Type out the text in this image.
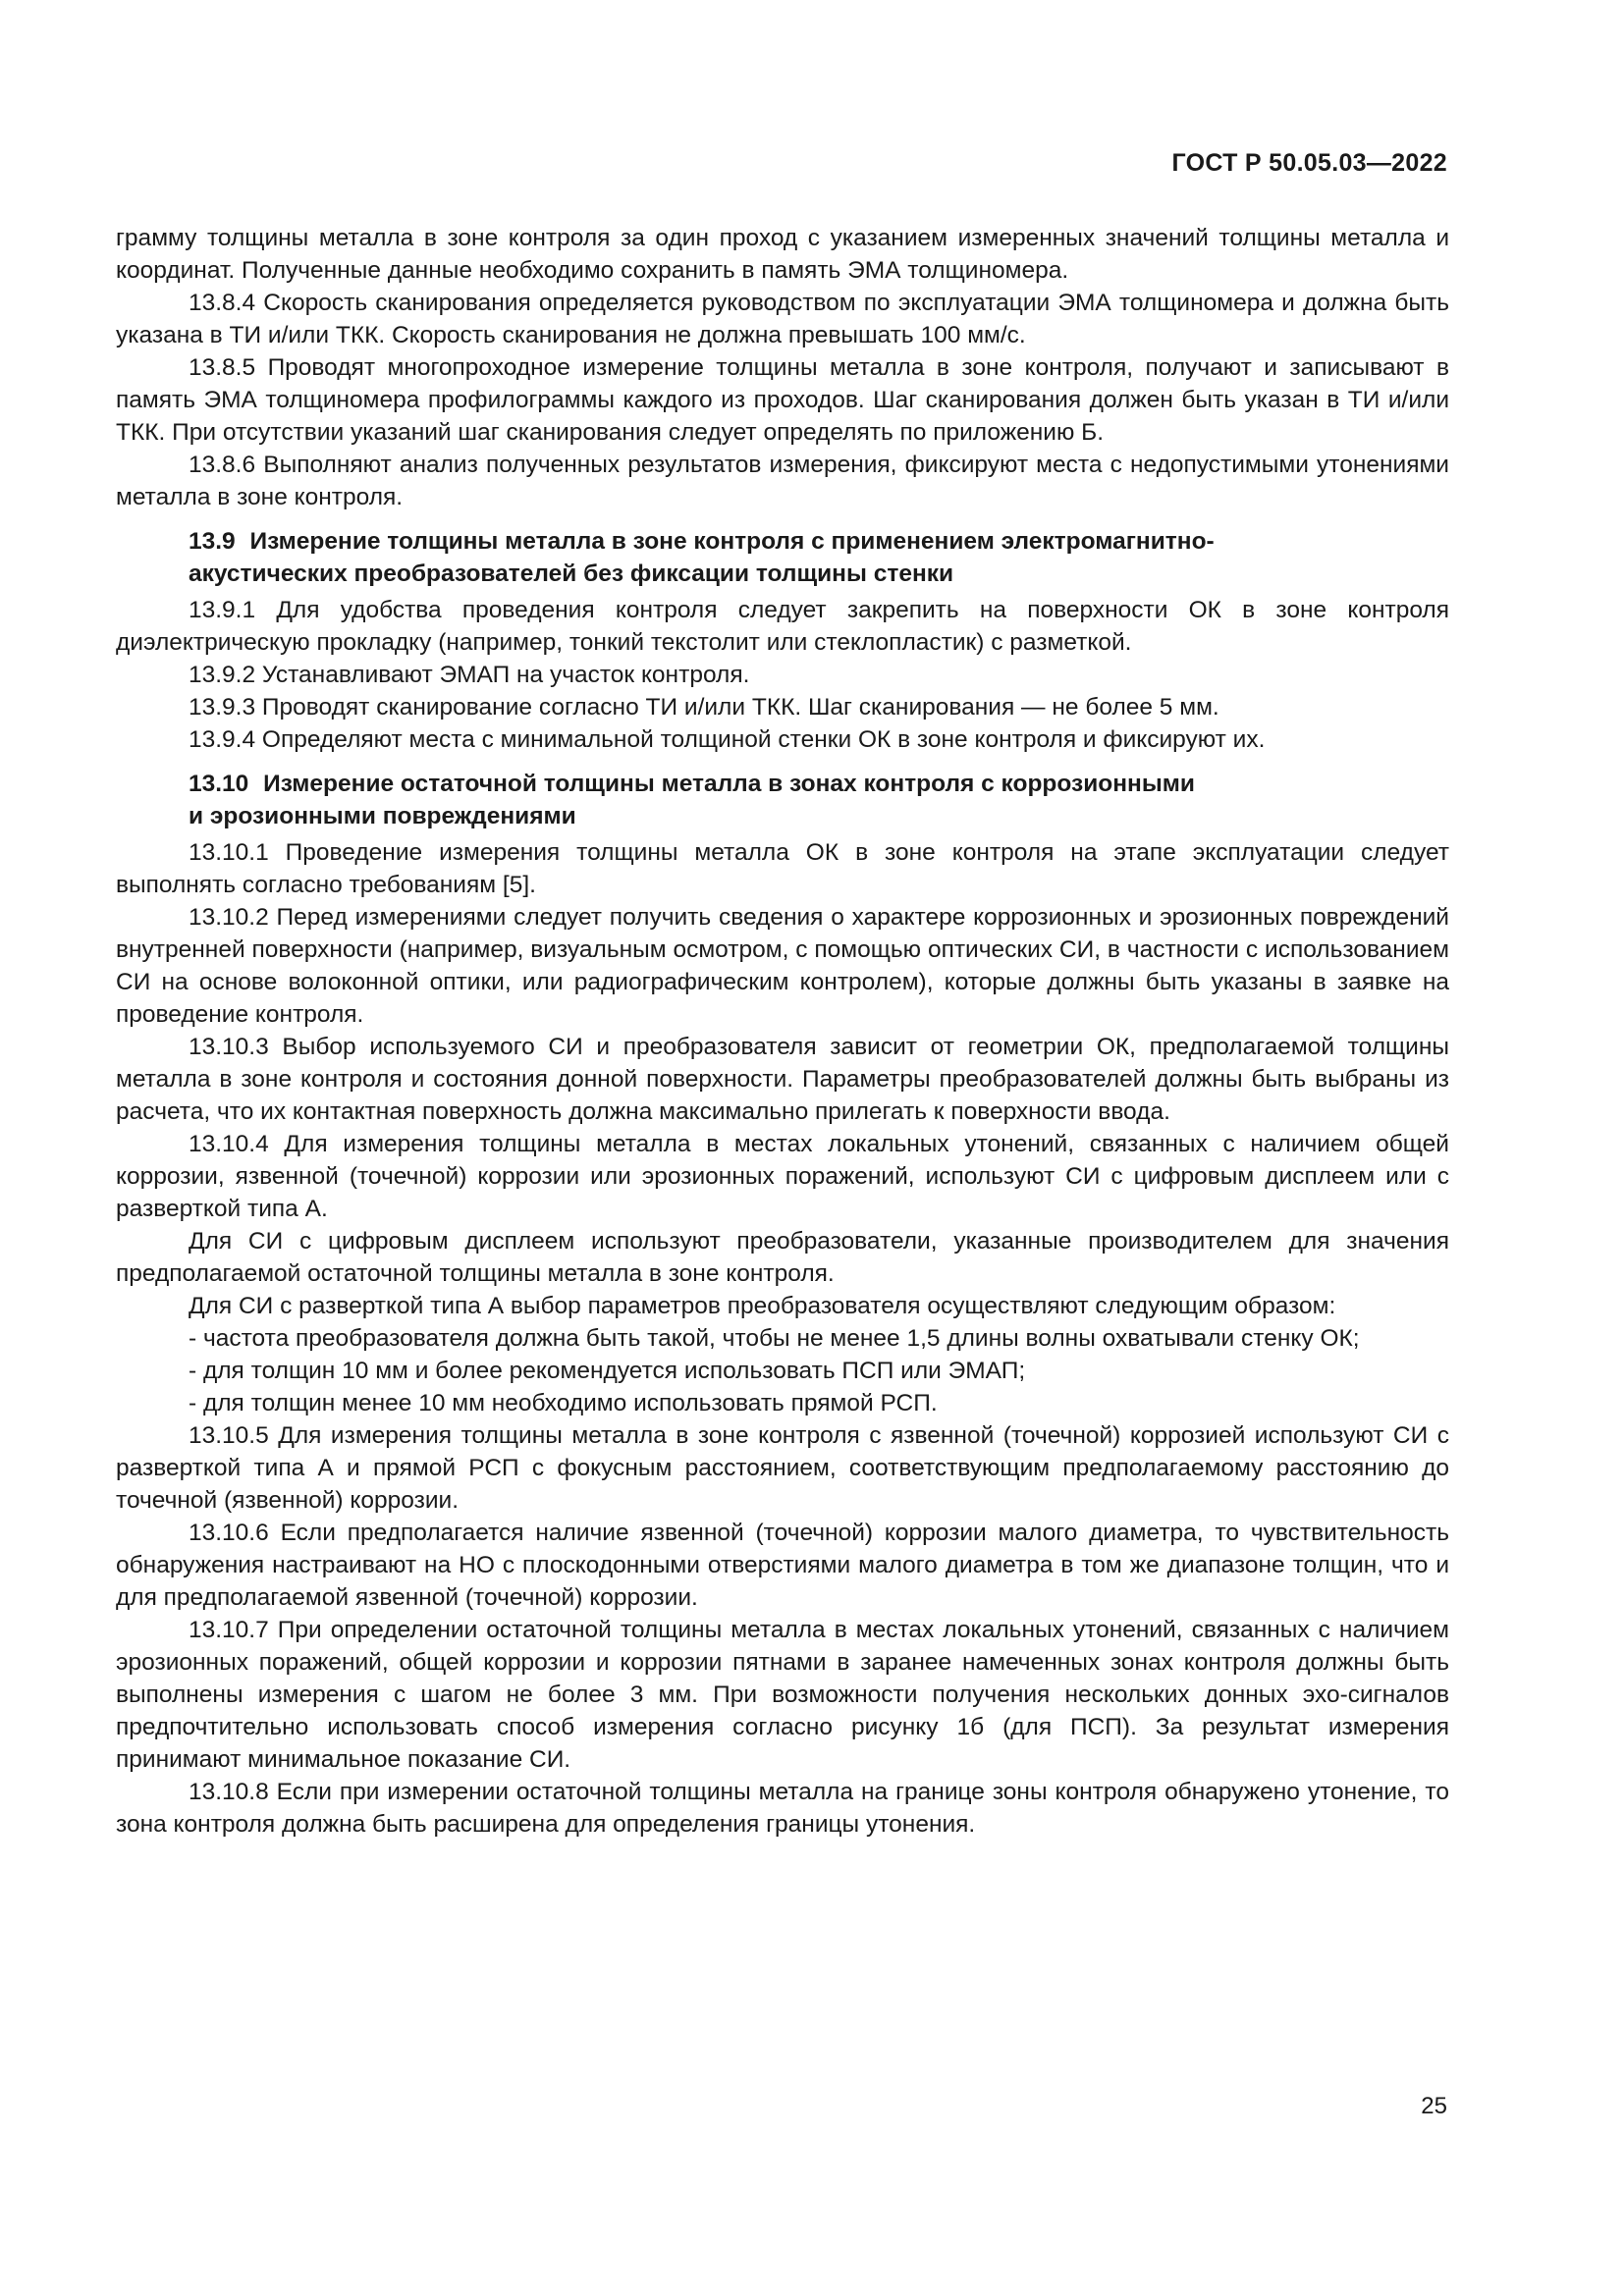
ГОСТ Р 50.05.03—2022

грамму толщины металла в зоне контроля за один проход с указанием измеренных значений толщины металла и координат. Полученные данные необходимо сохранить в память ЭМА толщиномера.

13.8.4 Скорость сканирования определяется руководством по эксплуатации ЭМА толщиномера и должна быть указана в ТИ и/или ТКК. Скорость сканирования не должна превышать 100 мм/с.

13.8.5 Проводят многопроходное измерение толщины металла в зоне контроля, получают и записывают в память ЭМА толщиномера профилограммы каждого из проходов. Шаг сканирования должен быть указан в ТИ и/или ТКК. При отсутствии указаний шаг сканирования следует определять по приложению Б.

13.8.6 Выполняют анализ полученных результатов измерения, фиксируют места с недопустимыми утонениями металла в зоне контроля.

13.9 Измерение толщины металла в зоне контроля с применением электромагнитно-
акустических преобразователей без фиксации толщины стенки

13.9.1 Для удобства проведения контроля следует закрепить на поверхности ОК в зоне контроля диэлектрическую прокладку (например, тонкий текстолит или стеклопластик) с разметкой.

13.9.2 Устанавливают ЭМАП на участок контроля.

13.9.3 Проводят сканирование согласно ТИ и/или ТКК. Шаг сканирования — не более 5 мм.

13.9.4 Определяют места с минимальной толщиной стенки ОК в зоне контроля и фиксируют их.

13.10 Измерение остаточной толщины металла в зонах контроля с коррозионными
и эрозионными повреждениями

13.10.1 Проведение измерения толщины металла ОК в зоне контроля на этапе эксплуатации следует выполнять согласно требованиям [5].

13.10.2 Перед измерениями следует получить сведения о характере коррозионных и эрозионных повреждений внутренней поверхности (например, визуальным осмотром, с помощью оптических СИ, в частности с использованием СИ на основе волоконной оптики, или радиографическим контролем), которые должны быть указаны в заявке на проведение контроля.

13.10.3 Выбор используемого СИ и преобразователя зависит от геометрии ОК, предполагаемой толщины металла в зоне контроля и состояния донной поверхности. Параметры преобразователей должны быть выбраны из расчета, что их контактная поверхность должна максимально прилегать к поверхности ввода.

13.10.4 Для измерения толщины металла в местах локальных утонений, связанных с наличием общей коррозии, язвенной (точечной) коррозии или эрозионных поражений, используют СИ с цифровым дисплеем или с разверткой типа А.

Для СИ с цифровым дисплеем используют преобразователи, указанные производителем для значения предполагаемой остаточной толщины металла в зоне контроля.

Для СИ с разверткой типа А выбор параметров преобразователя осуществляют следующим образом:

- частота преобразователя должна быть такой, чтобы не менее 1,5 длины волны охватывали стенку ОК;

- для толщин 10 мм и более рекомендуется использовать ПСП или ЭМАП;

- для толщин менее 10 мм необходимо использовать прямой РСП.

13.10.5 Для измерения толщины металла в зоне контроля с язвенной (точечной) коррозией используют СИ с разверткой типа А и прямой РСП с фокусным расстоянием, соответствующим предполагаемому расстоянию до точечной (язвенной) коррозии.

13.10.6 Если предполагается наличие язвенной (точечной) коррозии малого диаметра, то чувствительность обнаружения настраивают на НО с плоскодонными отверстиями малого диаметра в том же диапазоне толщин, что и для предполагаемой язвенной (точечной) коррозии.

13.10.7 При определении остаточной толщины металла в местах локальных утонений, связанных с наличием эрозионных поражений, общей коррозии и коррозии пятнами в заранее намеченных зонах контроля должны быть выполнены измерения с шагом не более 3 мм. При возможности получения нескольких донных эхо-сигналов предпочтительно использовать способ измерения согласно рисунку 1б (для ПСП). За результат измерения принимают минимальное показание СИ.

13.10.8 Если при измерении остаточной толщины металла на границе зоны контроля обнаружено утонение, то зона контроля должна быть расширена для определения границы утонения.

25
